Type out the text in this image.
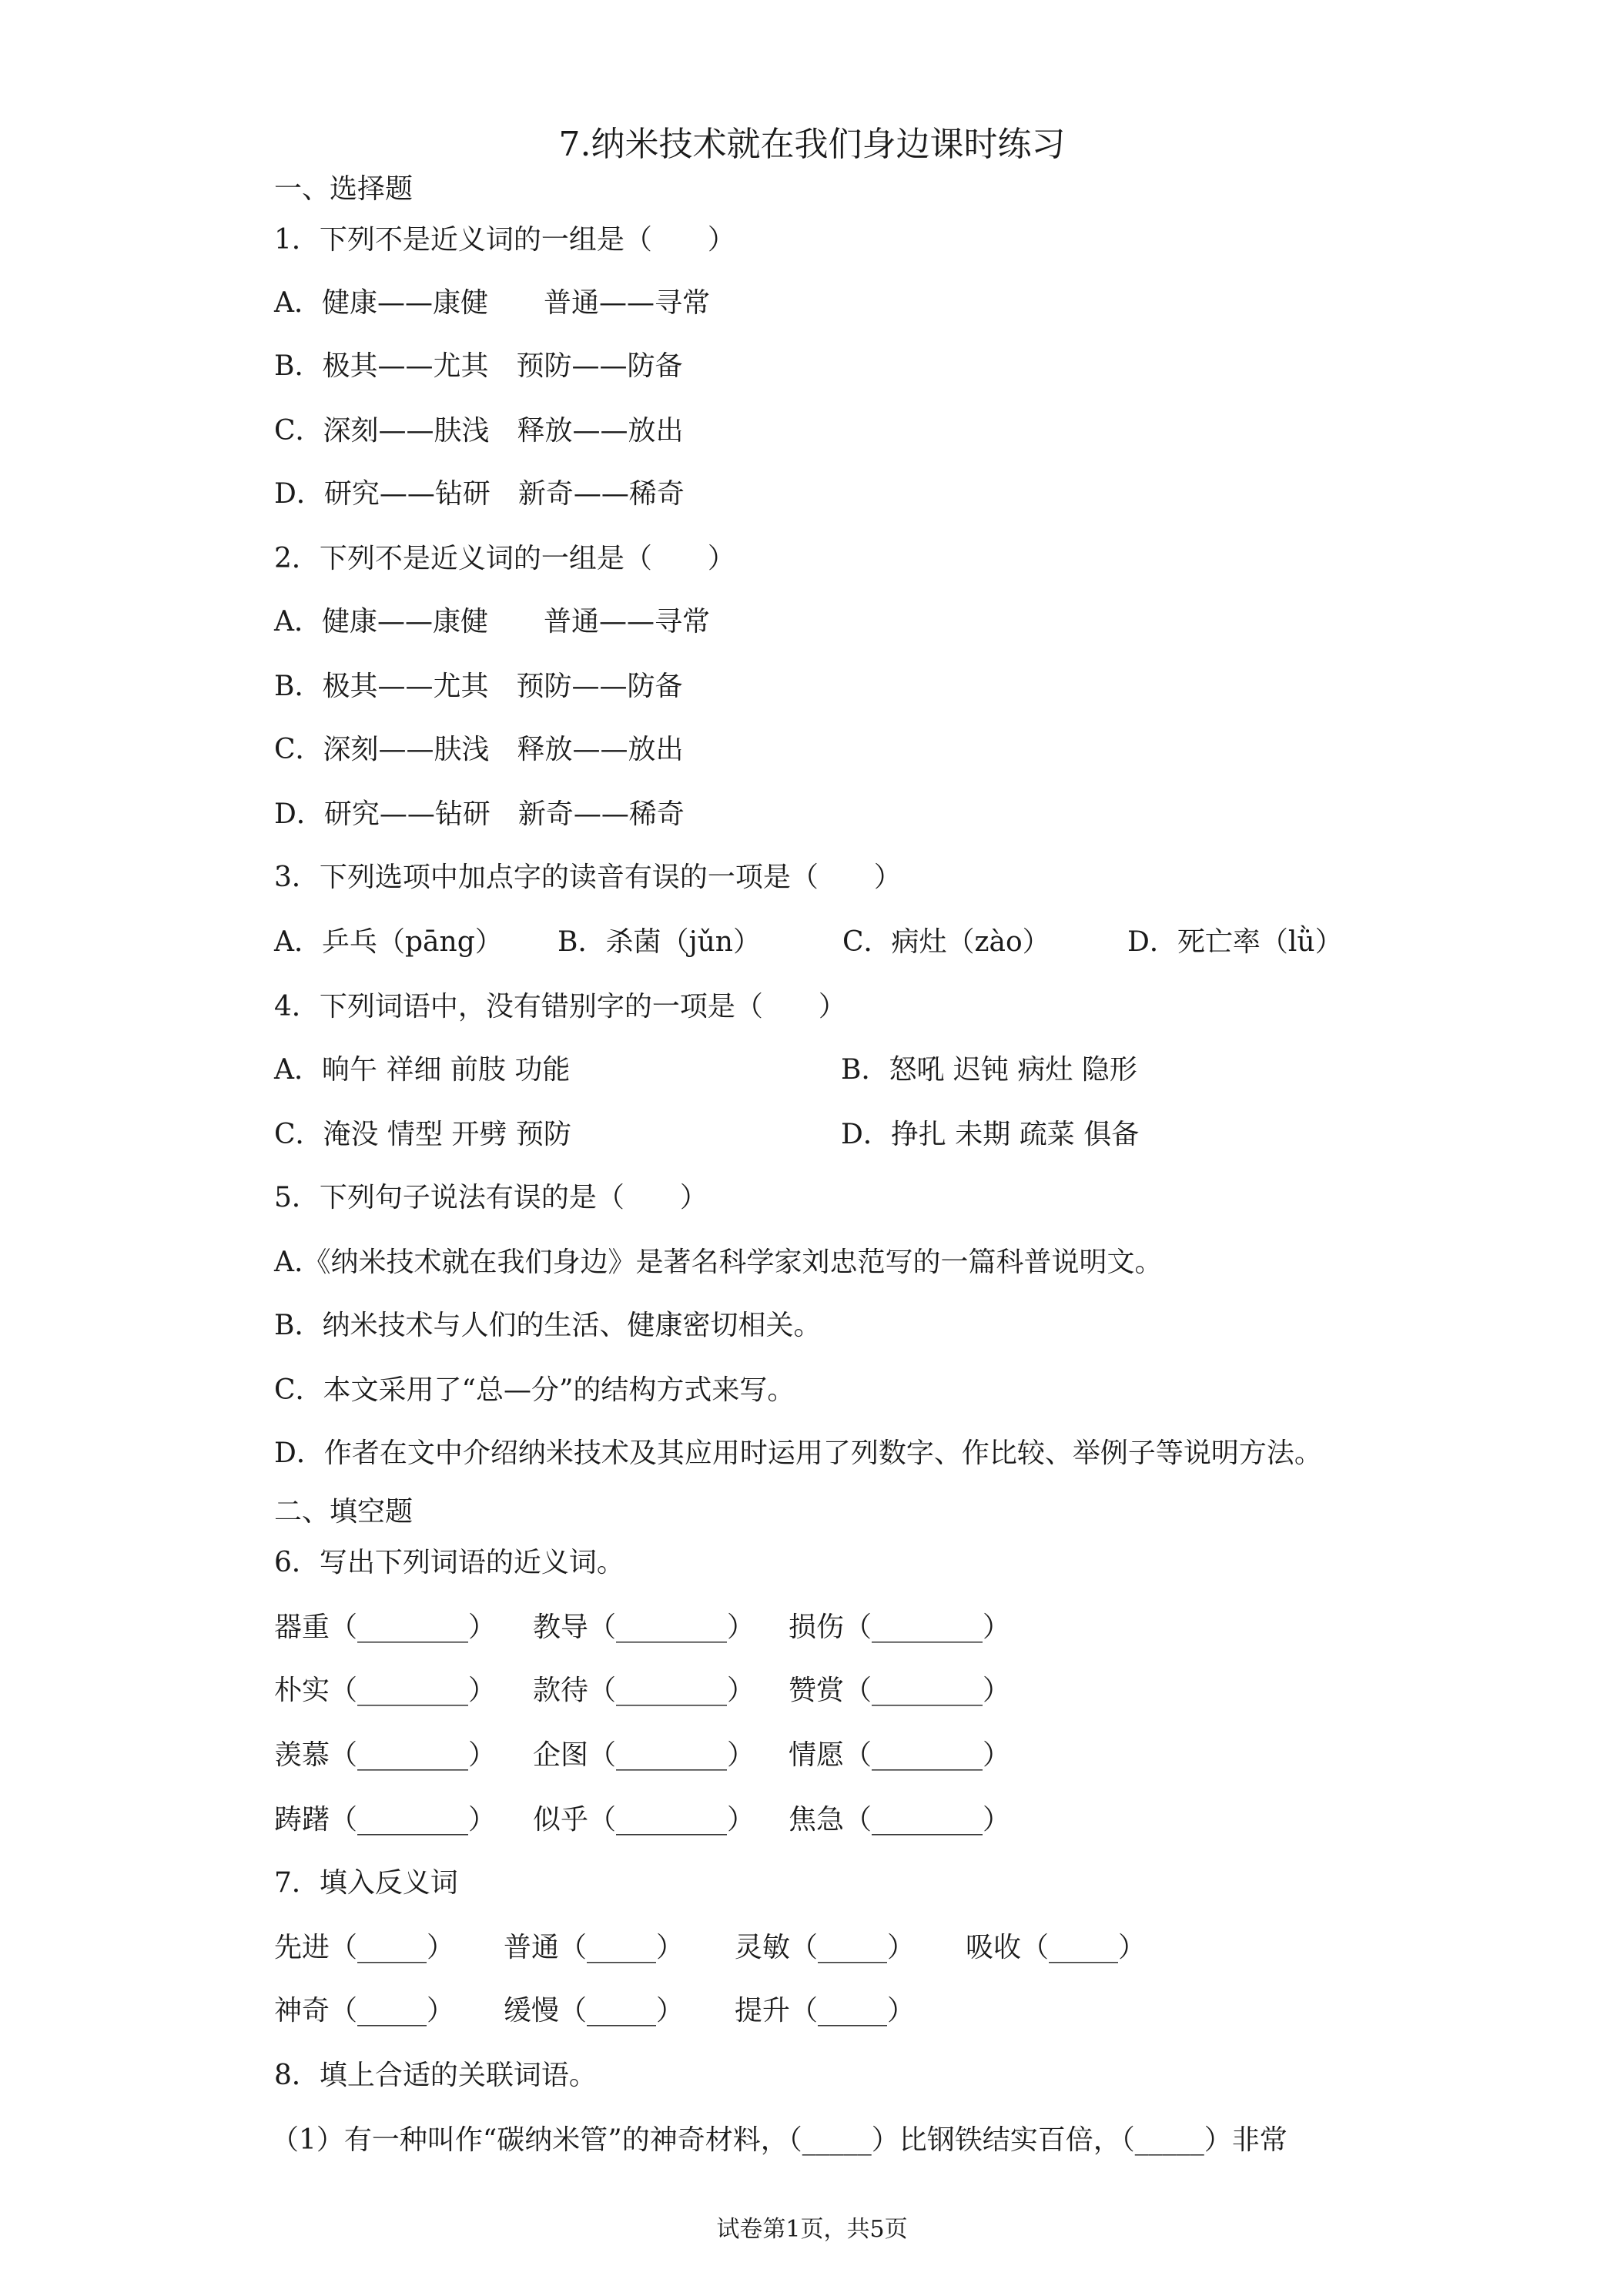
7.纳米技术就在我们身边课时练习
一、选择题
1．下列不是近义词的一组是（　　）
A．健康——康健　　普通——寻常
B．极其——尤其　预防——防备
C．深刻——肤浅　释放——放出
D．研究——钻研　新奇——稀奇
2．下列不是近义词的一组是（　　）
A．健康——康健　　普通——寻常
B．极其——尤其　预防——防备
C．深刻——肤浅　释放——放出
D．研究——钻研　新奇——稀奇
3．下列选项中加点字的读音有误的一项是（　　）
A．乒乓（pāng） B．杀菌（jǔn）	C．病灶（zào）	D．死亡率（lǜ）
4．下列词语中，没有错别字的一项是（　　）
A．晌午 祥细 前肢 功能	B．怒吼 迟钝 病灶 隐形
C．淹没 情型 开劈 预防	D．挣扎 未期 疏菜 俱备
5．下列句子说法有误的是（　　）
A.《纳米技术就在我们身边》是著名科学家刘忠范写的一篇科普说明文。
B．纳米技术与人们的生活、健康密切相关。
C．本文采用了“总—分”的结构方式来写。
D．作者在文中介绍纳米技术及其应用时运用了列数字、作比较、举例子等说明方法。
二、填空题
6．写出下列词语的近义词。
器重（________） 教导（________） 损伤（________）
朴实（________） 款待（________） 赞赏（________）
羡慕（________） 企图（________） 情愿（________）
踌躇（________） 似乎（________） 焦急（________）
7．填入反义词
先进（_____） 普通（_____） 灵敏（_____） 吸收（_____）
神奇（_____） 缓慢（_____） 提升（_____）
8．填上合适的关联词语。
（1）有一种叫作“碳纳米管”的神奇材料，（_____）比钢铁结实百倍，（_____）非常
试卷第1页，共5页
